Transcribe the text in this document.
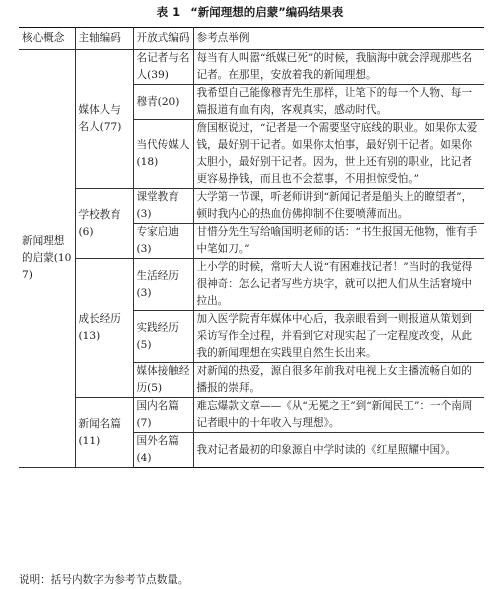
表 1 “新闻理想的启蒙”编码结果表
核心概念	主轴编码	开放式编码	参考点举例
新闻理想的启蒙(107)	媒体人与名人(77)	名记者与名人(39)	每当有人叫嚣“纸媒已死”的时候，我脑海中就会浮现那些名记者。在那里，安放着我的新闻理想。
		穆青(20)	我希望自己能像穆青先生那样，让笔下的每一个人物、每一篇报道有血有肉，客观真实，感动时代。
		当代传媒人(18)	詹国枢说过，“记者是一个需要坚守底线的职业。如果你太爱钱，最好别干记者。如果你太怕事，最好别干记者。如果你太胆小，最好别干记者。因为，世上还有别的职业，比记者更容易挣钱，而且也不会惹事，不用担惊受怕。”
	学校教育(6)	课堂教育(3)	大学第一节课，听老师讲到“新闻记者是船头上的瞭望者”，顿时我内心的热血仿佛抑制不住要喷薄而出。
		专家启迪(3)	甘惜分先生写给喻国明老师的话：“书生报国无他物，惟有手中笔如刀。”
	成长经历(13)	生活经历(3)	上小学的时候，常听大人说“有困难找记者！”当时的我觉得很神奇：怎么记者写些方块字，就可以把人们从生活窘境中拉出。
		实践经历(5)	加入医学院青年媒体中心后，我亲眼看到一则报道从策划到采访写作全过程，并看到它对现实起了一定程度改变，从此我的新闻理想在实践里自然生长出来。
		媒体接触经历(5)	对新闻的热爱，源自很多年前我对电视上女主播流畅自如的播报的崇拜。
	新闻名篇(11)	国内名篇(7)	难忘爆款文章——《从“无冕之王”到“新闻民工”：一个南周记者眼中的十年收入与理想》。
		国外名篇(4)	我对记者最初的印象源自中学时读的《红星照耀中国》。
说明：括号内数字为参考节点数量。
